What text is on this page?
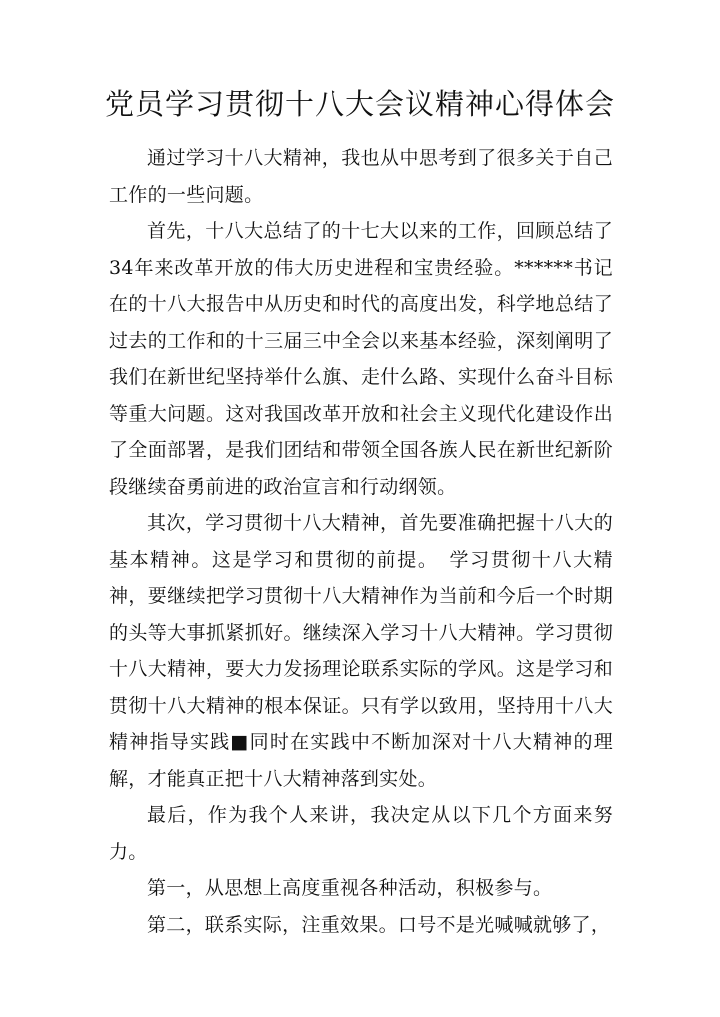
党员学习贯彻十八大会议精神心得体会

通过学习十八大精神，我也从中思考到了很多关于自己工作的一些问题。

首先，十八大总结了的十七大以来的工作，回顾总结了34年来改革开放的伟大历史进程和宝贵经验。******书记在的十八大报告中从历史和时代的高度出发，科学地总结了过去的工作和的十三届三中全会以来基本经验，深刻阐明了我们在新世纪坚持举什么旗、走什么路、实现什么奋斗目标等重大问题。这对我国改革开放和社会主义现代化建设作出了全面部署，是我们团结和带领全国各族人民在新世纪新阶段继续奋勇前进的政治宣言和行动纲领。

其次，学习贯彻十八大精神，首先要准确把握十八大的基本精神。这是学习和贯彻的前提。　学习贯彻十八大精神，要继续把学习贯彻十八大精神作为当前和今后一个时期的头等大事抓紧抓好。继续深入学习十八大精神。学习贯彻十八大精神，要大力发扬理论联系实际的学风。这是学习和贯彻十八大精神的根本保证。只有学以致用，坚持用十八大精神指导实践■同时在实践中不断加深对十八大精神的理解，才能真正把十八大精神落到实处。

最后，作为我个人来讲，我决定从以下几个方面来努力。

第一，从思想上高度重视各种活动，积极参与。

第二，联系实际，注重效果。口号不是光喊喊就够了，
